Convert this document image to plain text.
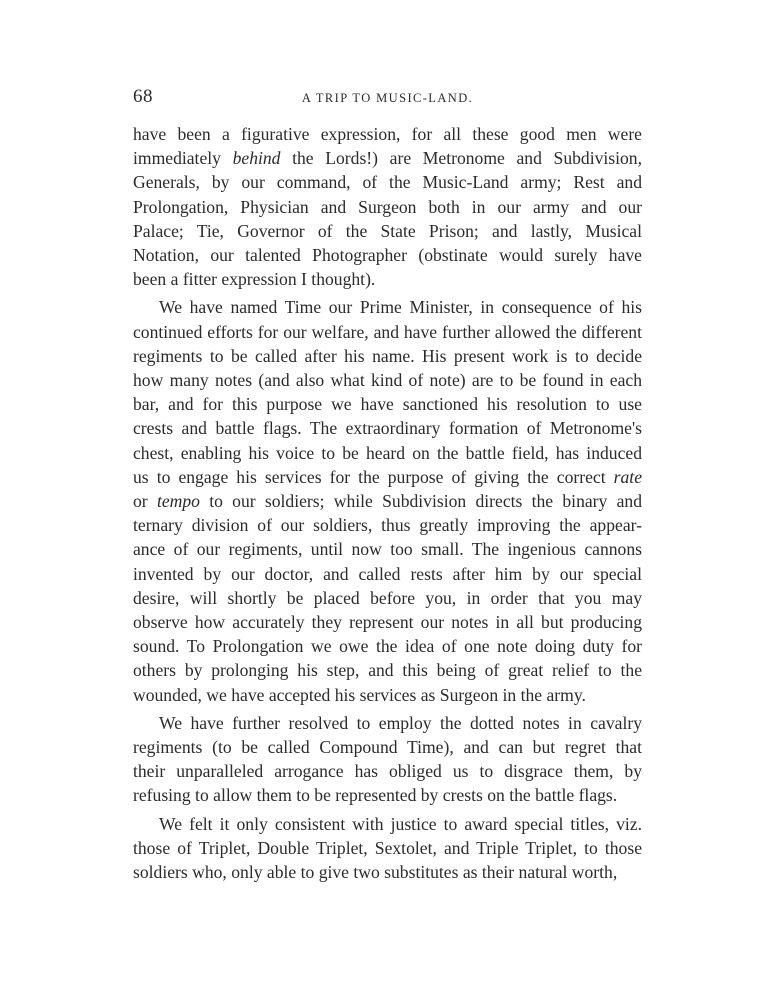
68	A TRIP TO MUSIC-LAND.
have been a figurative expression, for all these good men were
immediately behind the Lords!) are Metronome and Subdivision,
Generals, by our command, of the Music-Land army; Rest and
Prolongation, Physician and Surgeon both in our army and our
Palace; Tie, Governor of the State Prison; and lastly, Musical
Notation, our talented Photographer (obstinate would surely have
been a fitter expression I thought).
We have named Time our Prime Minister, in consequence of his
continued efforts for our welfare, and have further allowed the different
regiments to be called after his name. His present work is to decide
how many notes (and also what kind of note) are to be found in each
bar, and for this purpose we have sanctioned his resolution to use
crests and battle flags. The extraordinary formation of Metronome's
chest, enabling his voice to be heard on the battle field, has induced
us to engage his services for the purpose of giving the correct rate
or tempo to our soldiers; while Subdivision directs the binary and
ternary division of our soldiers, thus greatly improving the appear-
ance of our regiments, until now too small. The ingenious cannons
invented by our doctor, and called rests after him by our special
desire, will shortly be placed before you, in order that you may
observe how accurately they represent our notes in all but producing
sound. To Prolongation we owe the idea of one note doing duty for
others by prolonging his step, and this being of great relief to the
wounded, we have accepted his services as Surgeon in the army.
We have further resolved to employ the dotted notes in cavalry
regiments (to be called Compound Time), and can but regret that
their unparalleled arrogance has obliged us to disgrace them, by
refusing to allow them to be represented by crests on the battle flags.
We felt it only consistent with justice to award special titles, viz.
those of Triplet, Double Triplet, Sextolet, and Triple Triplet, to those
soldiers who, only able to give two substitutes as their natural worth,
